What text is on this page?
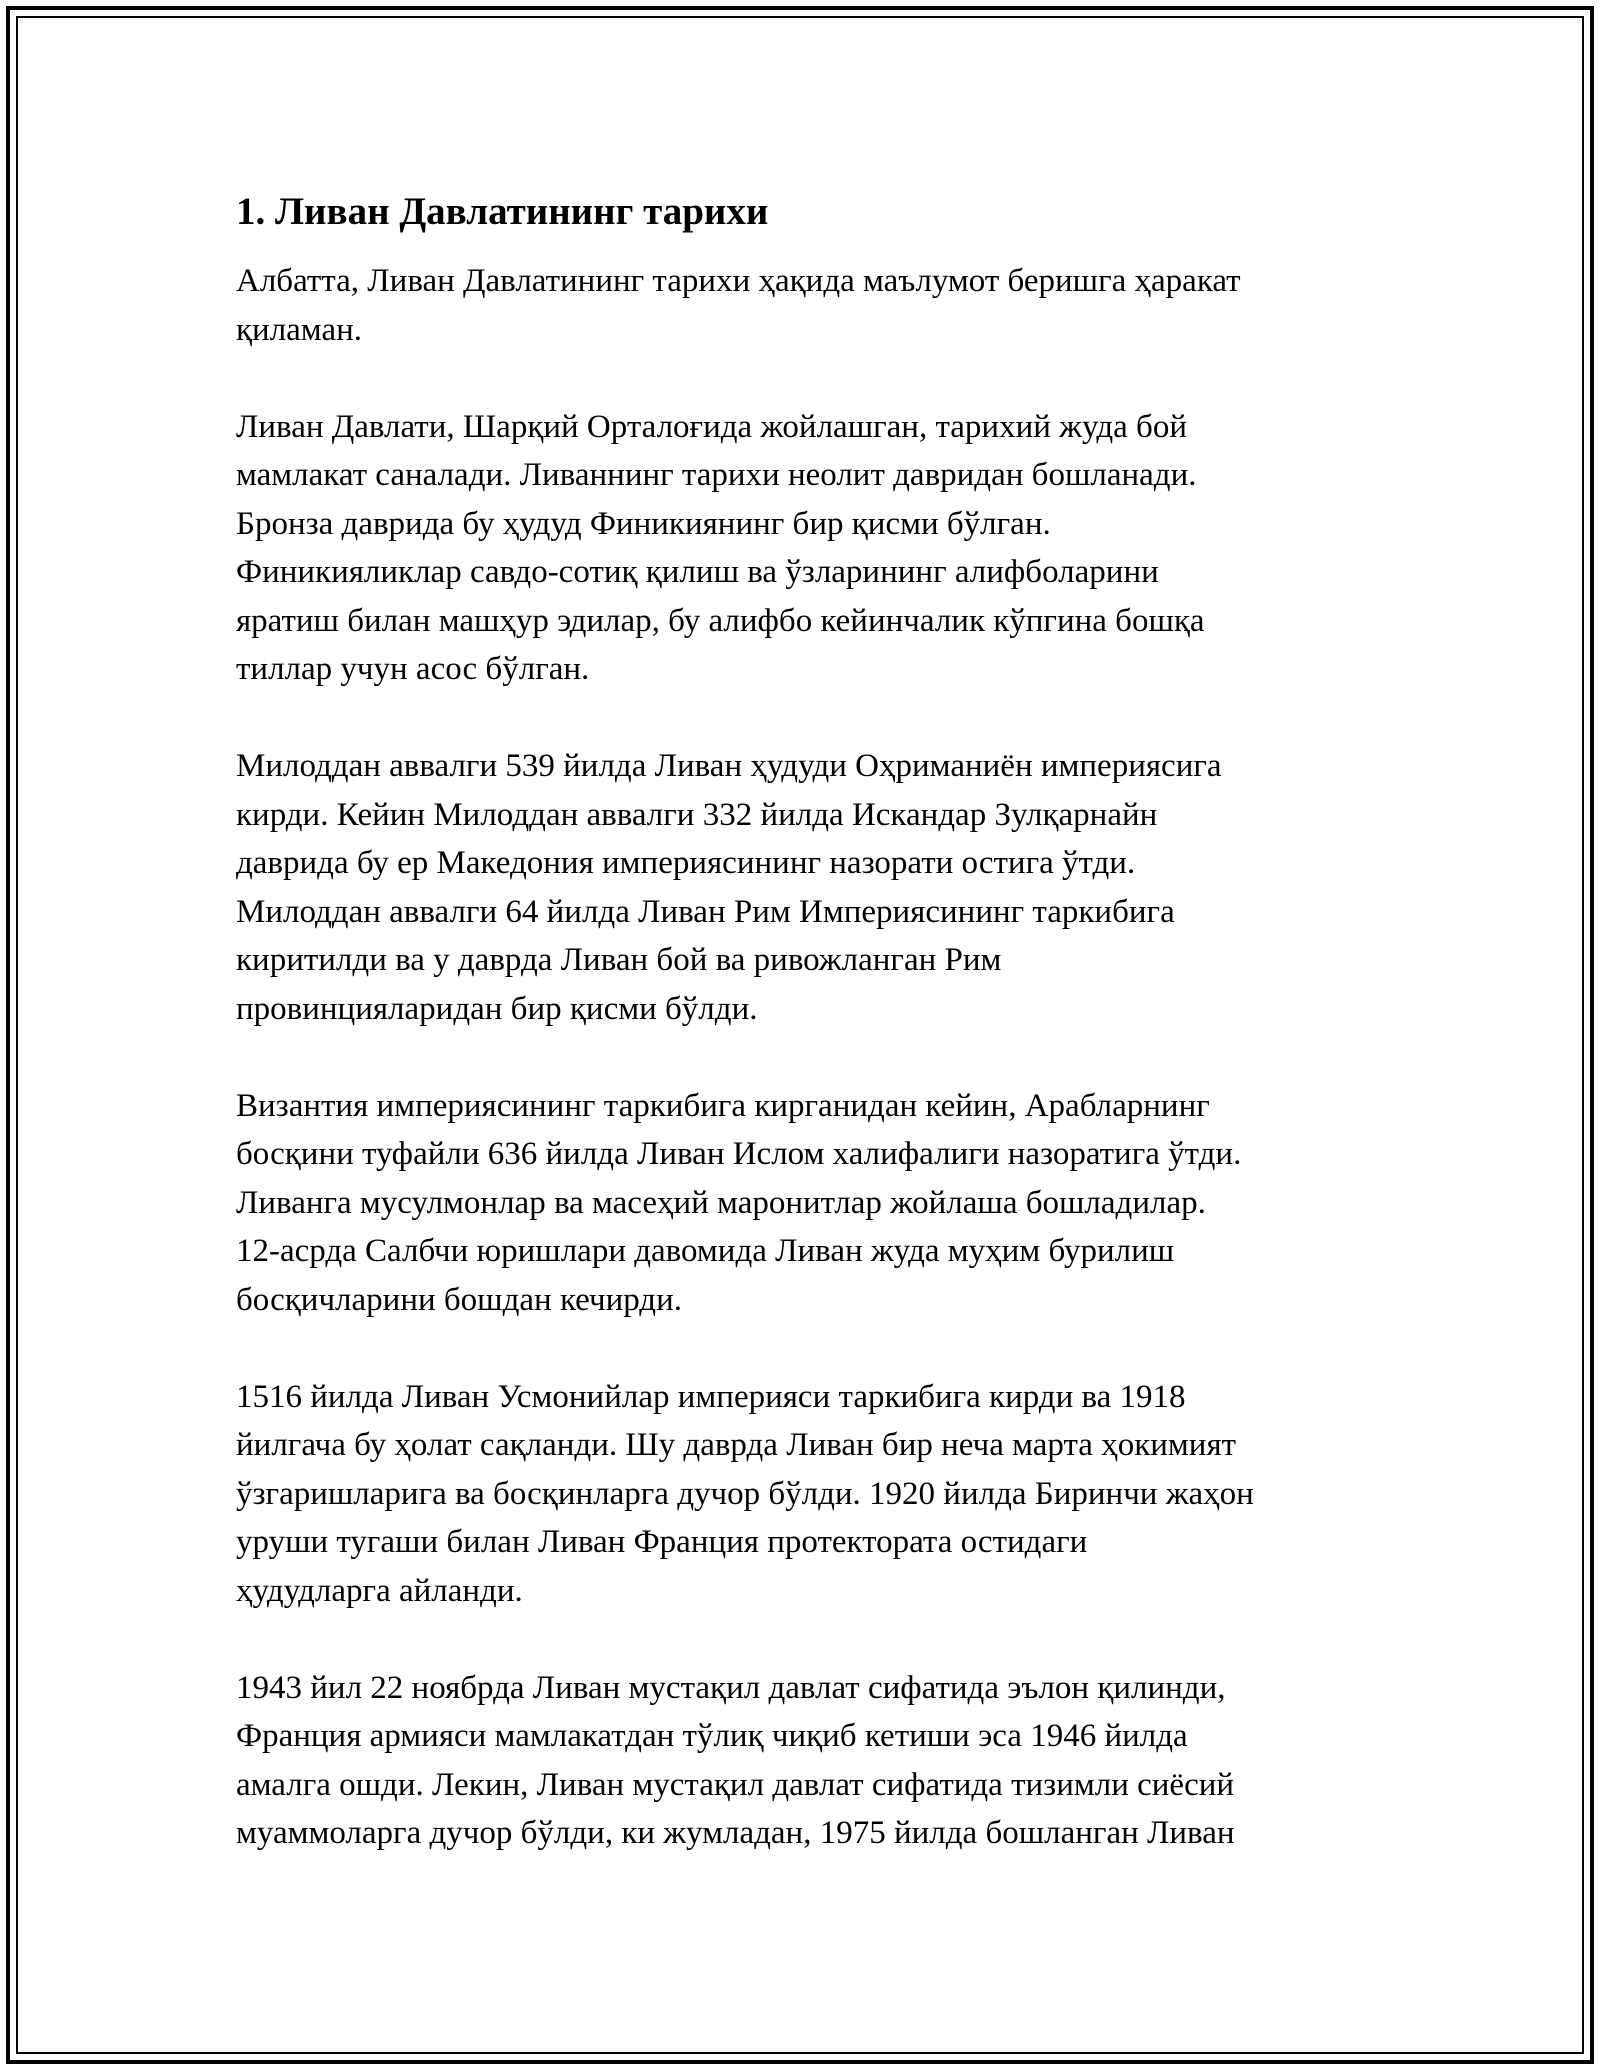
1. Ливан Давлатининг тарихи

Албатта, Ливан Давлатининг тарихи ҳақида маълумот беришга ҳаракат
қиламан.

Ливан Давлати, Шарқий Орталоғида жойлашган, тарихий жуда бой
мамлакат саналади. Ливаннинг тарихи неолит давридан бошланади.
Бронза даврида бу ҳудуд Финикиянинг бир қисми бўлган.
Финикияликлар савдо-сотиқ қилиш ва ўзларининг алифболарини
яратиш билан машҳур эдилар, бу алифбо кейинчалик кўпгина бошқа
тиллар учун асос бўлган.

Милоддан аввалги 539 йилда Ливан ҳудуди Оҳриманиён империясига
кирди. Кейин Милоддан аввалги 332 йилда Искандар Зулқарнайн
даврида бу ер Македония империясининг назорати остига ўтди.
Милоддан аввалги 64 йилда Ливан Рим Империясининг таркибига
киритилди ва у даврда Ливан бой ва ривожланган Рим
провинцияларидан бир қисми бўлди.

Византия империясининг таркибига кирганидан кейин, Арабларнинг
босқини туфайли 636 йилда Ливан Ислом халифалиги назоратига ўтди.
Ливанга мусулмонлар ва масеҳий маронитлар жойлаша бошладилар.
12-асрда Салбчи юришлари давомида Ливан жуда муҳим бурилиш
босқичларини бошдан кечирди.

1516 йилда Ливан Усмонийлар империяси таркибига кирди ва 1918
йилгача бу ҳолат сақланди. Шу даврда Ливан бир неча марта ҳокимият
ўзгаришларига ва босқинларга дучор бўлди. 1920 йилда Биринчи жаҳон
уруши тугаши билан Ливан Франция протектората остидаги
ҳудудларга айланди.

1943 йил 22 ноябрда Ливан мустақил давлат сифатида эълон қилинди,
Франция армияси мамлакатдан тўлиқ чиқиб кетиши эса 1946 йилда
амалга ошди. Лекин, Ливан мустақил давлат сифатида тизимли сиёсий
муаммоларга дучор бўлди, ки жумладан, 1975 йилда бошланган Ливан
